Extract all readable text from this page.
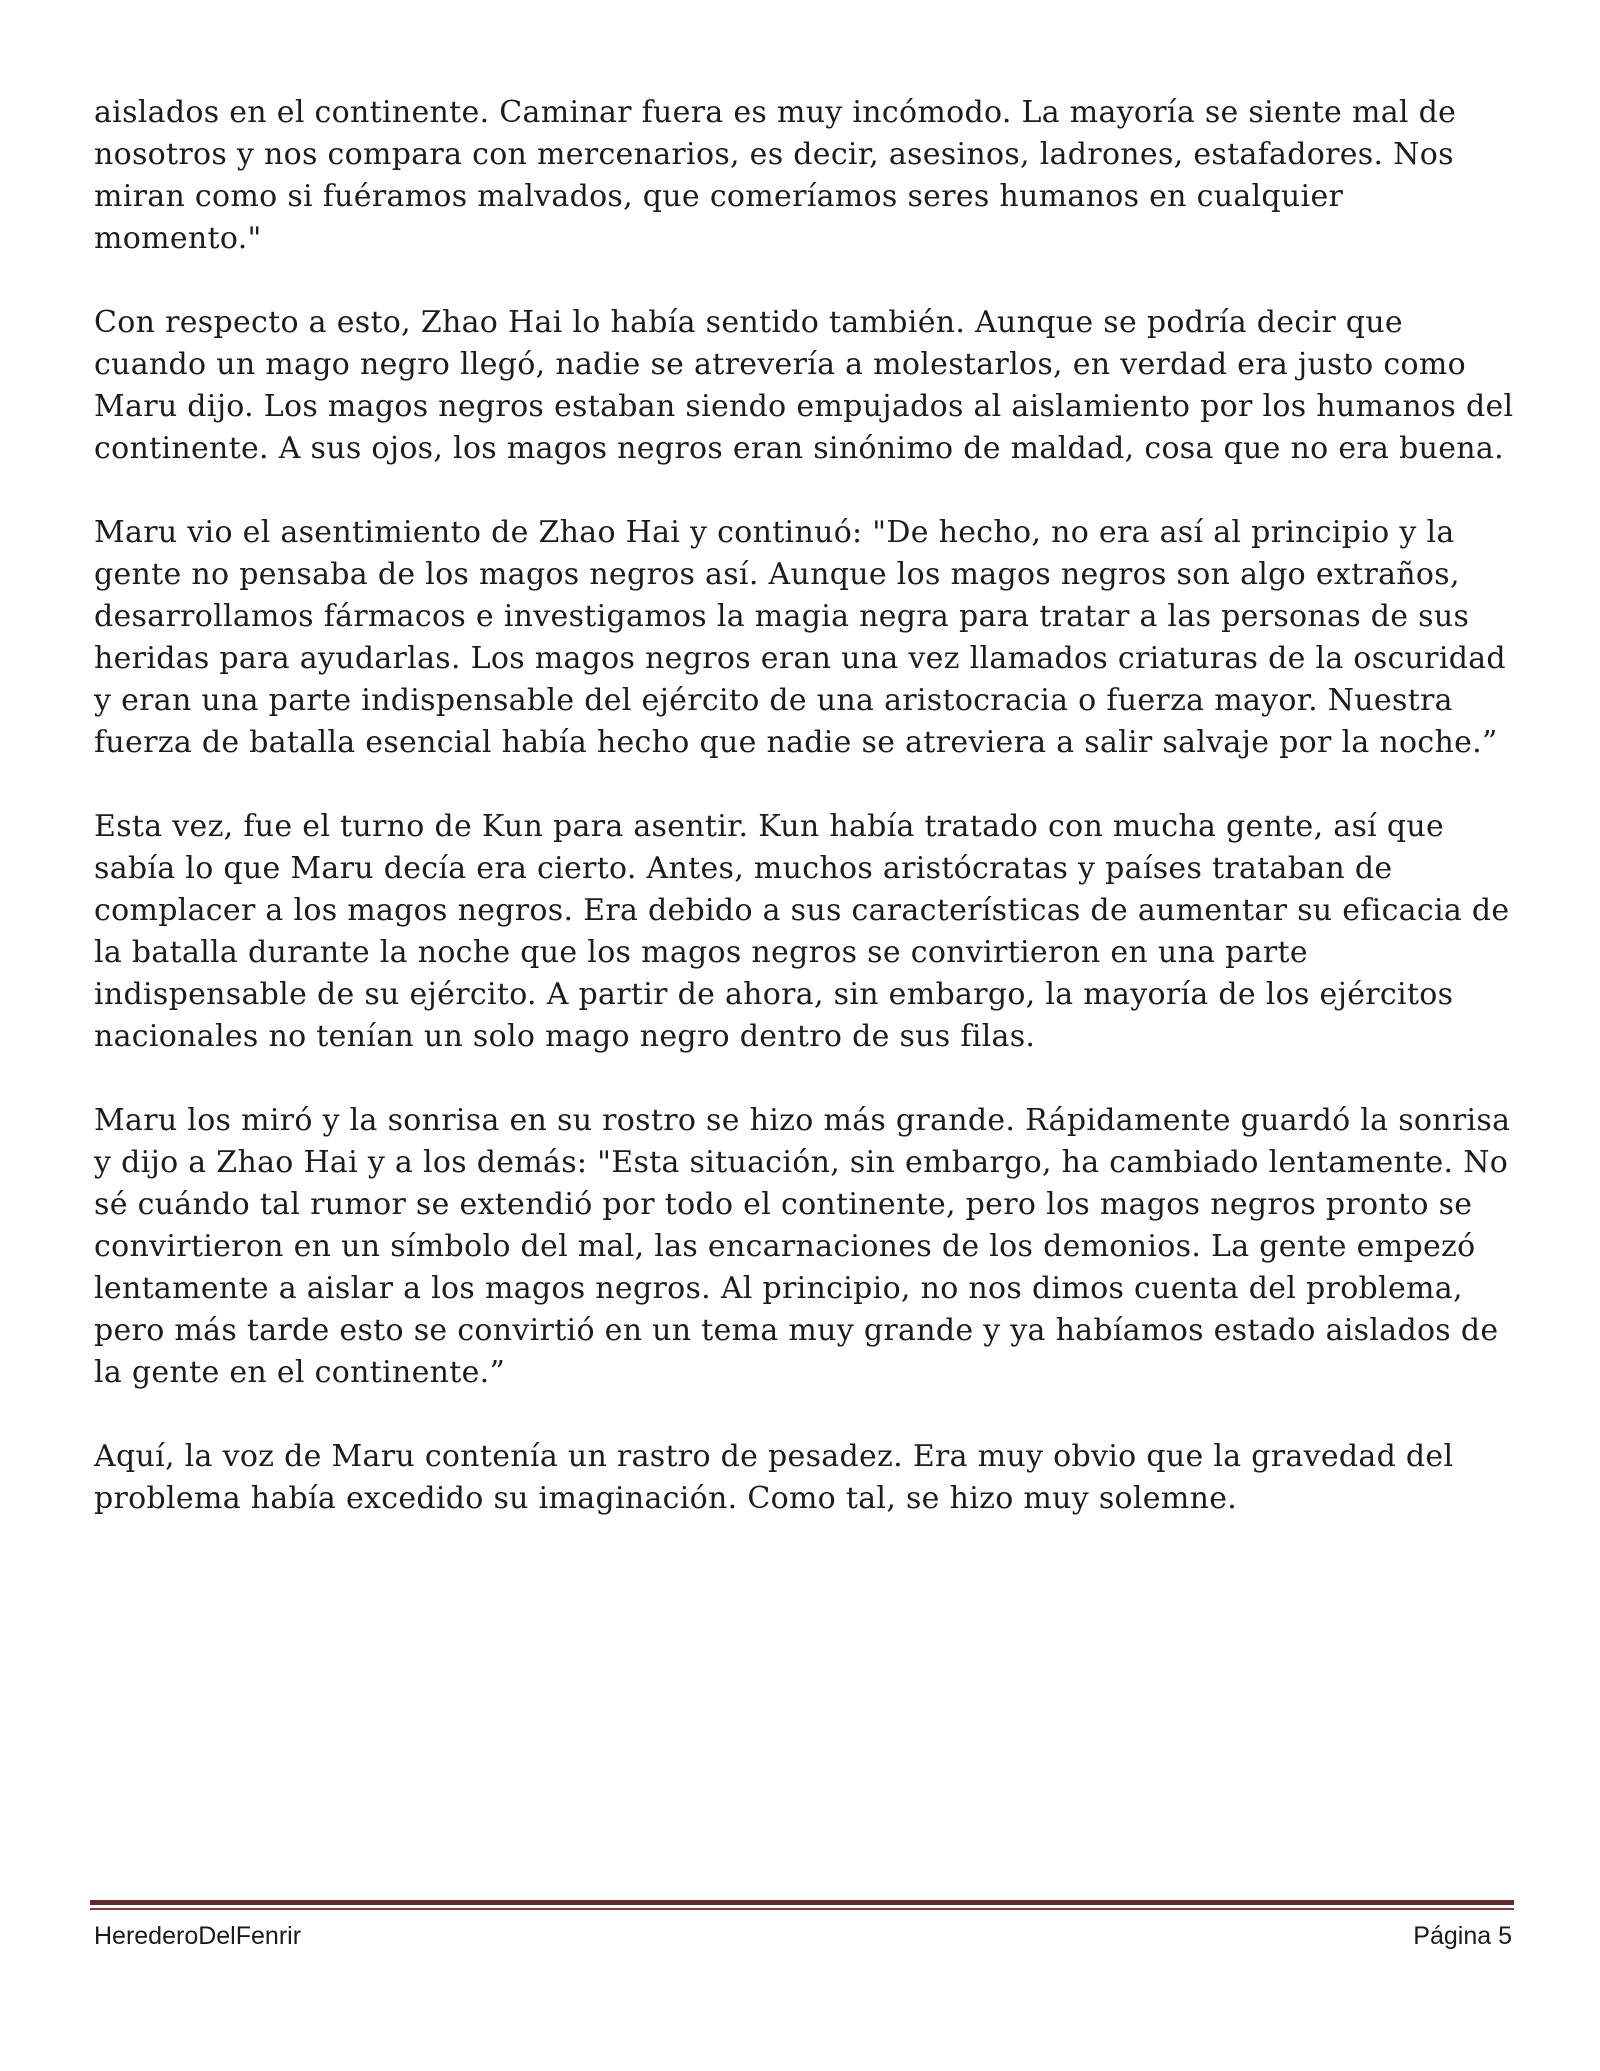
aislados en el continente. Caminar fuera es muy incómodo. La mayoría se siente mal de nosotros y nos compara con mercenarios, es decir, asesinos, ladrones, estafadores. Nos miran como si fuéramos malvados, que comeríamos seres humanos en cualquier momento."

Con respecto a esto, Zhao Hai lo había sentido también. Aunque se podría decir que cuando un mago negro llegó, nadie se atrevería a molestarlos, en verdad era justo como Maru dijo. Los magos negros estaban siendo empujados al aislamiento por los humanos del continente. A sus ojos, los magos negros eran sinónimo de maldad, cosa que no era buena.

Maru vio el asentimiento de Zhao Hai y continuó: "De hecho, no era así al principio y la gente no pensaba de los magos negros así. Aunque los magos negros son algo extraños, desarrollamos fármacos e investigamos la magia negra para tratar a las personas de sus heridas para ayudarlas. Los magos negros eran una vez llamados criaturas de la oscuridad y eran una parte indispensable del ejército de una aristocracia o fuerza mayor. Nuestra fuerza de batalla esencial había hecho que nadie se atreviera a salir salvaje por la noche.”

Esta vez, fue el turno de Kun para asentir. Kun había tratado con mucha gente, así que sabía lo que Maru decía era cierto. Antes, muchos aristócratas y países trataban de complacer a los magos negros. Era debido a sus características de aumentar su eficacia de la batalla durante la noche que los magos negros se convirtieron en una parte indispensable de su ejército. A partir de ahora, sin embargo, la mayoría de los ejércitos nacionales no tenían un solo mago negro dentro de sus filas.

Maru los miró y la sonrisa en su rostro se hizo más grande. Rápidamente guardó la sonrisa y dijo a Zhao Hai y a los demás: "Esta situación, sin embargo, ha cambiado lentamente. No sé cuándo tal rumor se extendió por todo el continente, pero los magos negros pronto se convirtieron en un símbolo del mal, las encarnaciones de los demonios. La gente empezó lentamente a aislar a los magos negros. Al principio, no nos dimos cuenta del problema, pero más tarde esto se convirtió en un tema muy grande y ya habíamos estado aislados de la gente en el continente.”

Aquí, la voz de Maru contenía un rastro de pesadez. Era muy obvio que la gravedad del problema había excedido su imaginación. Como tal, se hizo muy solemne.

HerederoDelFenrir	Página 5
